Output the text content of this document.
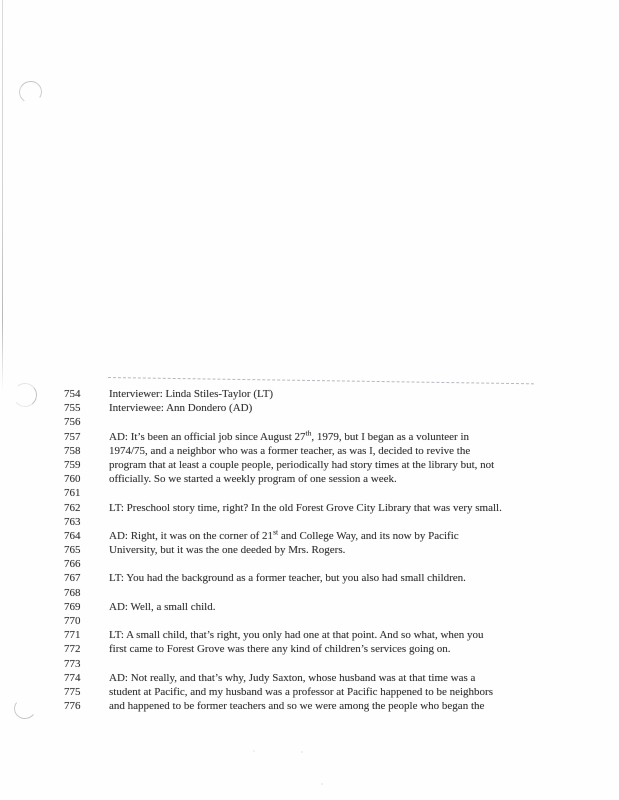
754	Interviewer: Linda Stiles-Taylor (LT)
755	Interviewee: Ann Dondero (AD)
756
757	AD: It’s been an official job since August 27th, 1979, but I began as a volunteer in
758	1974/75, and a neighbor who was a former teacher, as was I, decided to revive the
759	program that at least a couple people, periodically had story times at the library but, not
760	officially. So we started a weekly program of one session a week.
761
762	LT: Preschool story time, right? In the old Forest Grove City Library that was very small.
763
764	AD: Right, it was on the corner of 21st and College Way, and its now by Pacific
765	University, but it was the one deeded by Mrs. Rogers.
766
767	LT: You had the background as a former teacher, but you also had small children.
768
769	AD: Well, a small child.
770
771	LT: A small child, that’s right, you only had one at that point. And so what, when you
772	first came to Forest Grove was there any kind of children’s services going on.
773
774	AD: Not really, and that’s why, Judy Saxton, whose husband was at that time was a
775	student at Pacific, and my husband was a professor at Pacific happened to be neighbors
776	and happened to be former teachers and so we were among the people who began the
